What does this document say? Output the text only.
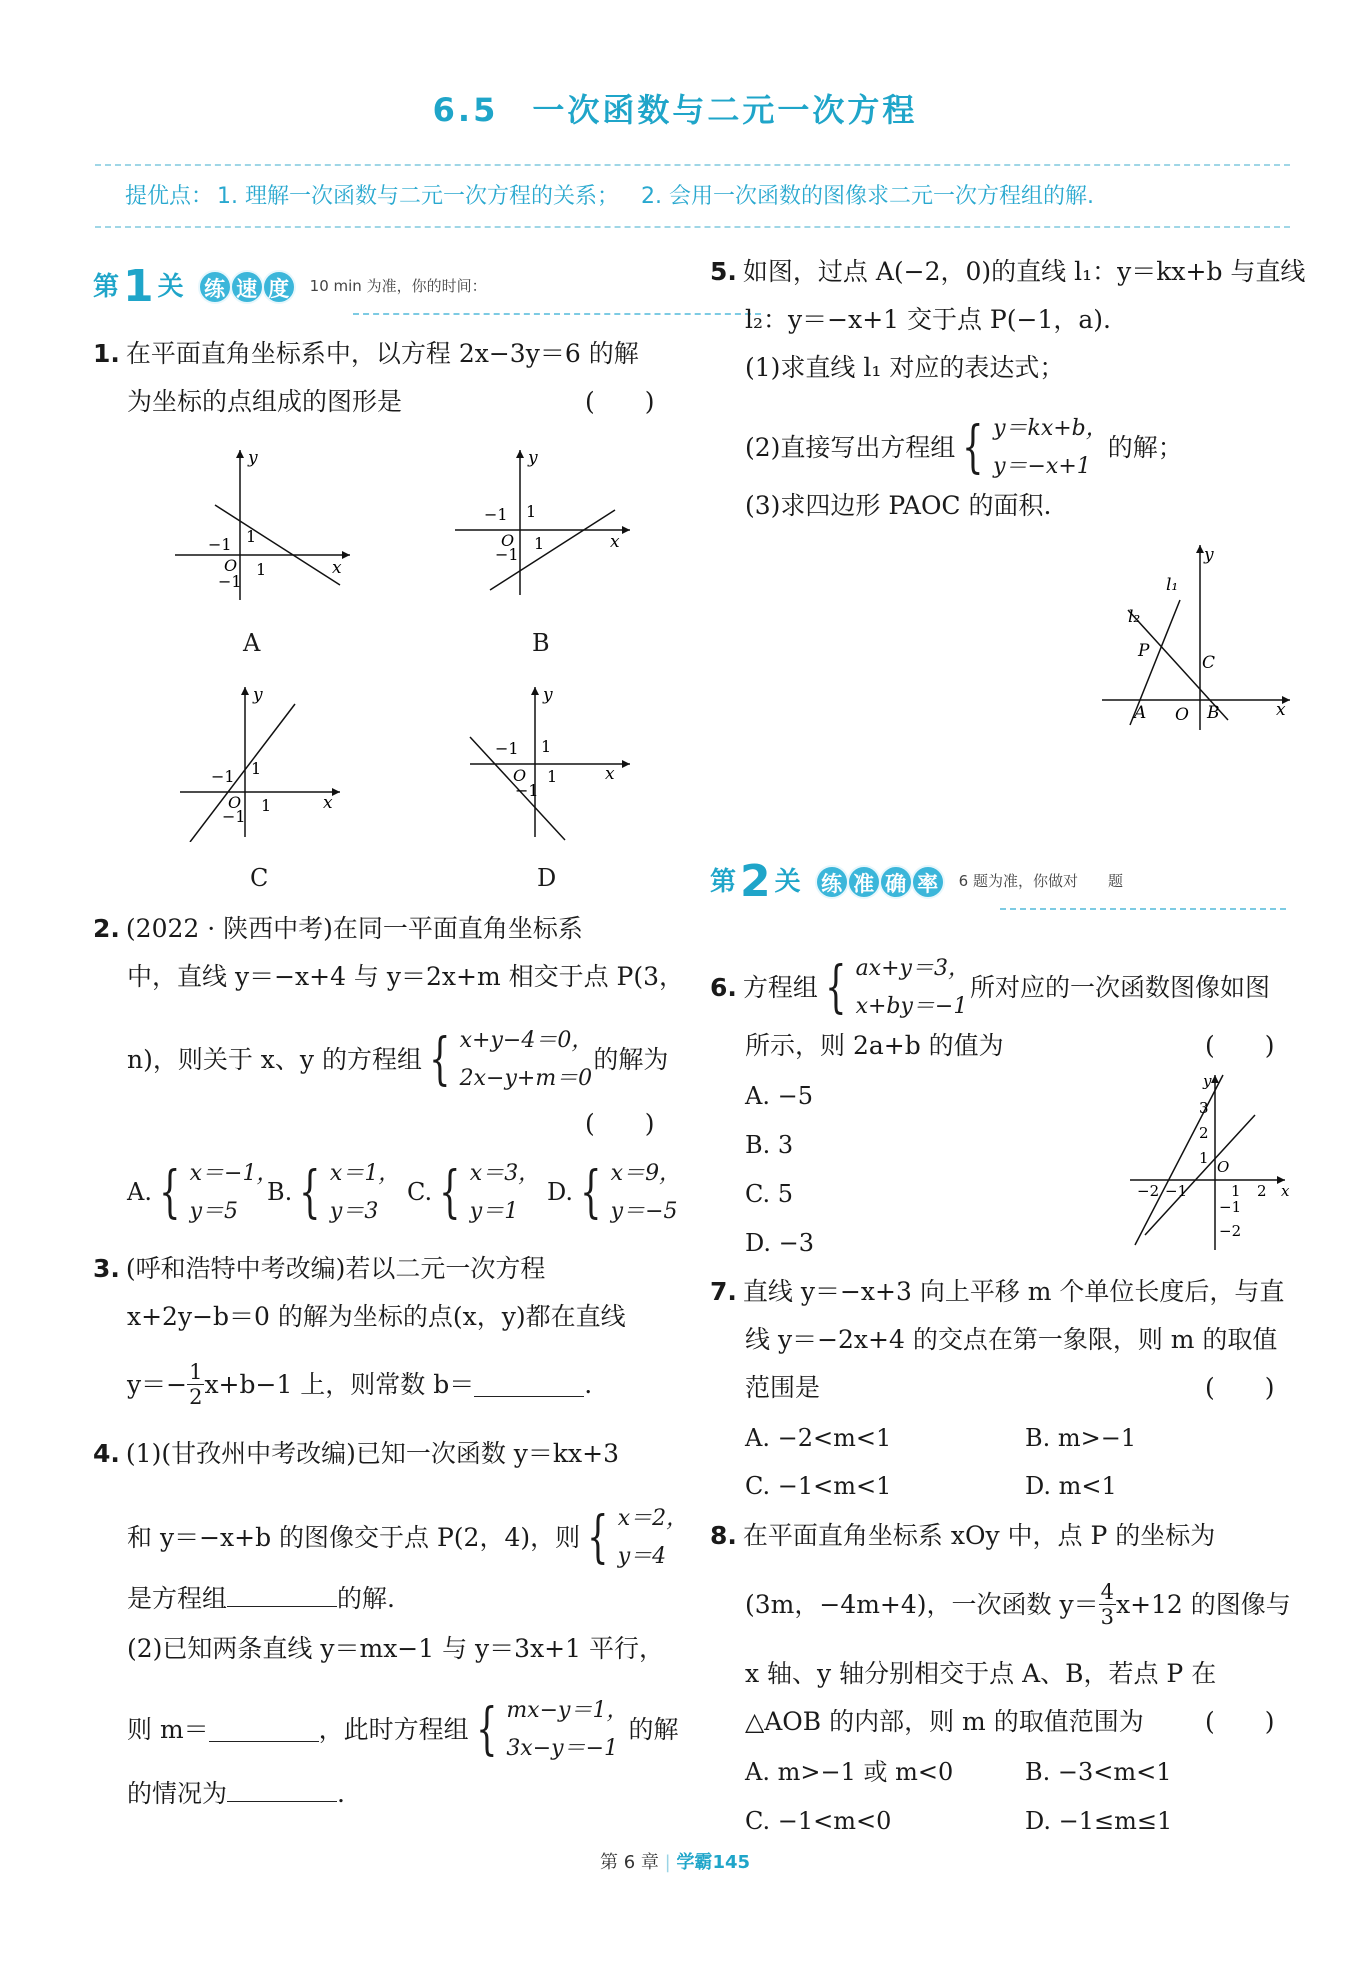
6.5 一次函数与二元一次方程
提优点： 1. 理解一次函数与二元一次方程的关系； 2. 会用一次函数的图像求二元一次方程组的解.
第 1 关 练 速 度	10 min 为准，你的时间：
1. 在平面直角坐标系中，以方程 2x−3y＝6 的解
为坐标的点组成的图形是	(　　)
y
x
−1 1
O 1
−1
A
y
x
−1 1
O 1
−1
B
y
x
−1 1
O 1
−1
C
y
x
−1 1
O 1
−1
D
2. (2022 · 陕西中考)在同一平面直角坐标系
中，直线 y＝−x+4 与 y＝2x+m 相交于点 P(3，
n)，则关于 x、y 的方程组 { x+y−4＝0，
2x−y+m＝0
的解为
(　　)
A. { x＝−1，
y＝5
B. { x＝1，
y＝3
C. { x＝3，
y＝1
D. { x＝9，
y＝−5
3. (呼和浩特中考改编)若以二元一次方程
x+2y−b＝0 的解为坐标的点(x，y)都在直线
$y=- \frac{1}{2} x+b-1$ 上，则常数 b＝	.
4. (1)(甘孜州中考改编)已知一次函数 y＝kx+3
和 y＝−x+b 的图像交于点 P(2，4)，则 { x＝2，
y＝4
是方程组	的解.
(2)已知两条直线 y＝mx−1 与 y＝3x+1 平行，
则 m＝	，此时方程组 { mx−y＝1，
3x−y＝−1
的解
的情况为	.
5. 如图，过点 A(−2，0)的直线 l₁：y＝kx+b 与直线
l₂：y＝−x+1 交于点 P(−1，a).
(1)求直线 l₁ 对应的表达式；
(2)直接写出方程组 { y＝kx+b，
y＝−x+1
的解；
(3)求四边形 PAOC 的面积.
y
x
l₁
l₂
P
C
A O B
第 2 关 练 准 确 率	6 题为准，你做对　　题
6. 方程组 { ax+y＝3，
x+by＝−1
所对应的一次函数图像如图
所示，则 2a+b 的值为	(　　)
A. −5
B. 3
C. 5
D. −3
y
x
3
2
1 O
−2 −1	1 2
−1
−2
7. 直线 y＝−x+3 向上平移 m 个单位长度后，与直
线 y＝−2x+4 的交点在第一象限，则 m 的取值
范围是	(　　)
A. −2<m<1	B. m>−1
C. −1<m<1	D. m<1
8. 在平面直角坐标系 xOy 中，点 P 的坐标为
(3m，−4m+4)，一次函数 $y= \frac{4}{3} x+12$ 的图像与
x 轴、y 轴分别相交于点 A、B，若点 P 在
△AOB 的内部，则 m 的取值范围为 (　　)
A. m>−1 或 m<0	B. −3<m<1
C. −1<m<0	D. −1≤m≤1
第 6 章 | 学霸145
